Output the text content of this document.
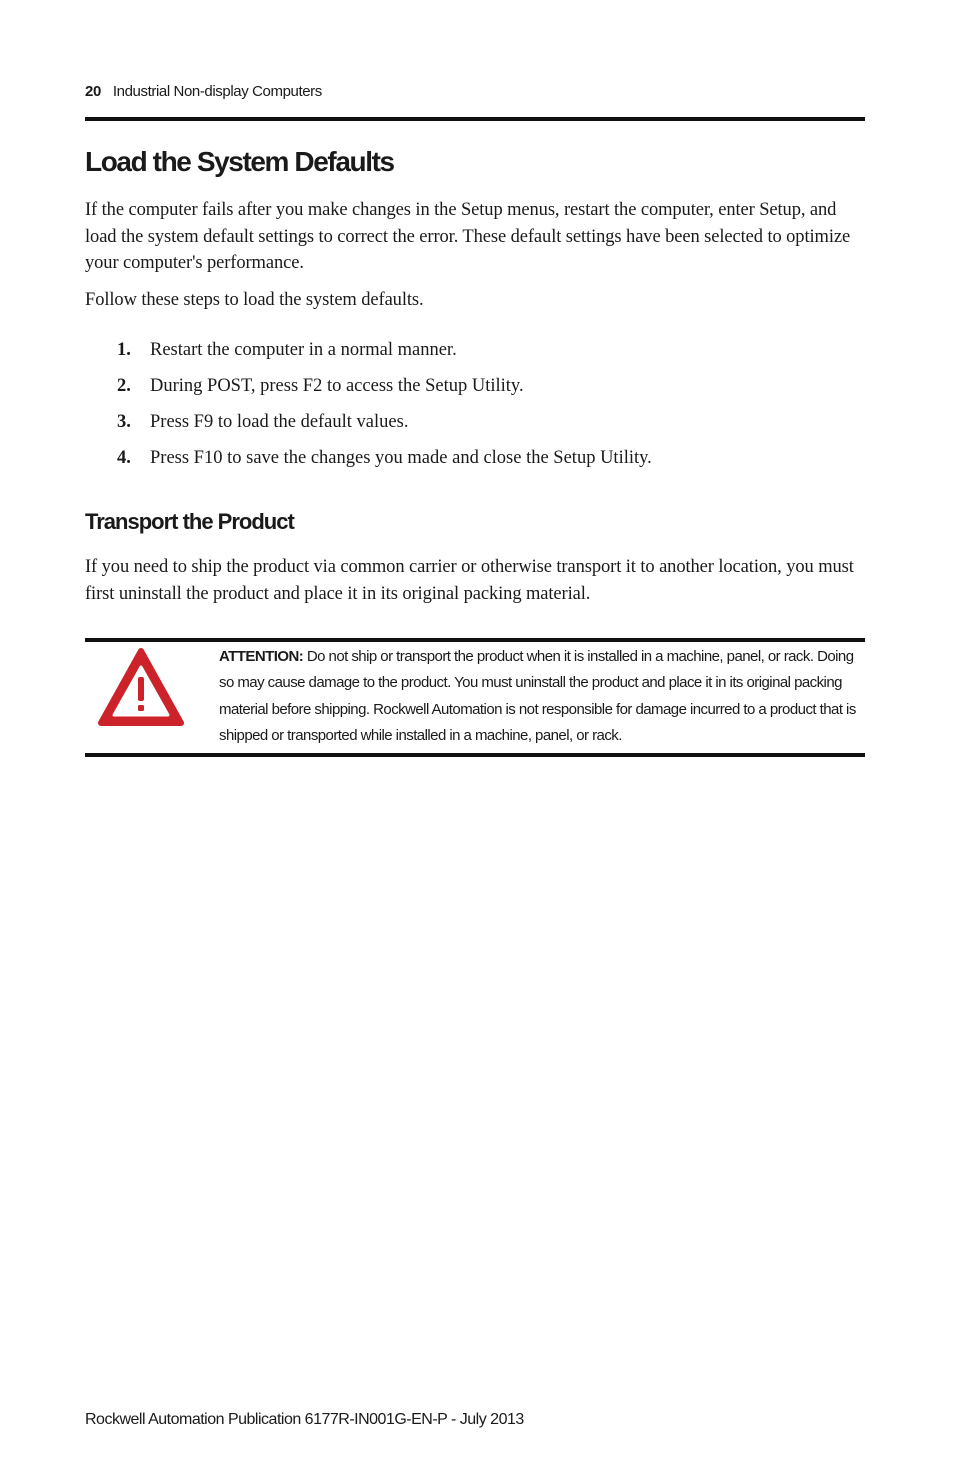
20 Industrial Non-display Computers
Load the System Defaults

If the computer fails after you make changes in the Setup menus, restart the computer, enter Setup, and load the system default settings to correct the error. These default settings have been selected to optimize your computer's performance.

Follow these steps to load the system defaults.

1. Restart the computer in a normal manner.
2. During POST, press F2 to access the Setup Utility.
3. Press F9 to load the default values.
4. Press F10 to save the changes you made and close the Setup Utility.
Transport the Product

If you need to ship the product via common carrier or otherwise transport it to another location, you must first uninstall the product and place it in its original packing material.

ATTENTION: Do not ship or transport the product when it is installed in a machine, panel, or rack. Doing so may cause damage to the product. You must uninstall the product and place it in its original packing material before shipping. Rockwell Automation is not responsible for damage incurred to a product that is shipped or transported while installed in a machine, panel, or rack.
Rockwell Automation Publication 6177R-IN001G-EN-P - July 2013
